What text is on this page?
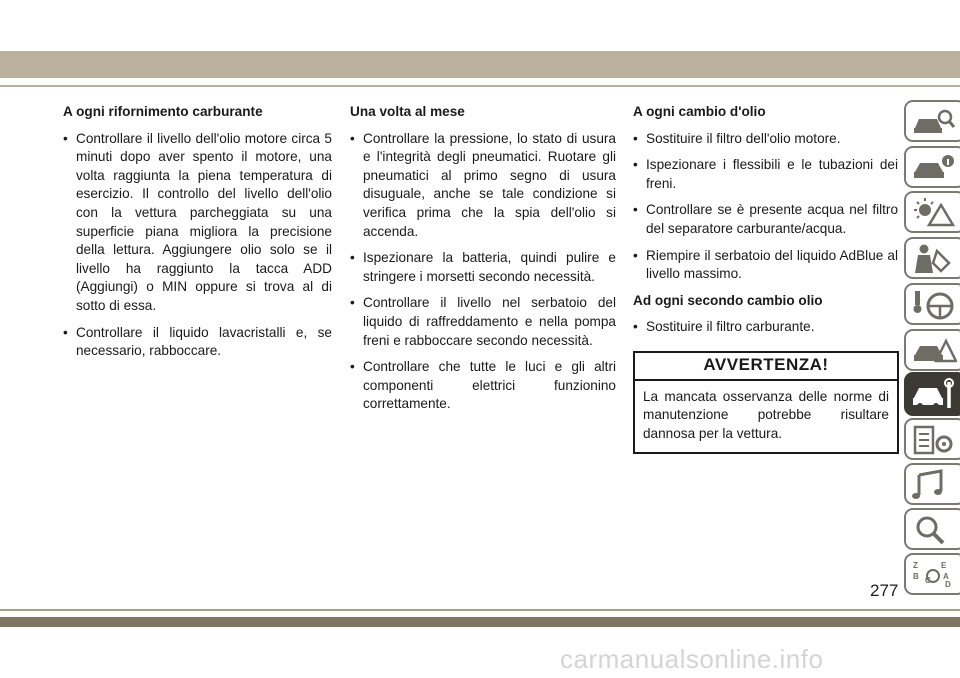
A ogni rifornimento carburante
• Controllare il livello dell'olio motore circa 5 minuti dopo aver spento il motore, una volta raggiunta la piena temperatura di esercizio. Il controllo del livello dell'olio con la vettura parcheggiata su una superficie piana migliora la precisione della lettura. Aggiungere olio solo se il livello ha raggiunto la tacca ADD (Aggiungi) o MIN oppure si trova al di sotto di essa.
• Controllare il liquido lavacristalli e, se necessario, rabboccare.
Una volta al mese
• Controllare la pressione, lo stato di usura e l'integrità degli pneumatici. Ruotare gli pneumatici al primo segno di usura disuguale, anche se tale condizione si verifica prima che la spia dell'olio si accenda.
• Ispezionare la batteria, quindi pulire e stringere i morsetti secondo necessità.
• Controllare il livello nel serbatoio del liquido di raffreddamento e nella pompa freni e rabboccare secondo necessità.
• Controllare che tutte le luci e gli altri componenti elettrici funzionino correttamente.
A ogni cambio d'olio
• Sostituire il filtro dell'olio motore.
• Ispezionare i flessibili e le tubazioni dei freni.
• Controllare se è presente acqua nel filtro del separatore carburante/acqua.
• Riempire il serbatoio del liquido AdBlue al livello massimo.
Ad ogni secondo cambio olio
• Sostituire il filtro carburante.
AVVERTENZA!
La mancata osservanza delle norme di manutenzione potrebbe risultare dannosa per la vettura.
Z	E
B C A
D
277
carmanualsonline.info
